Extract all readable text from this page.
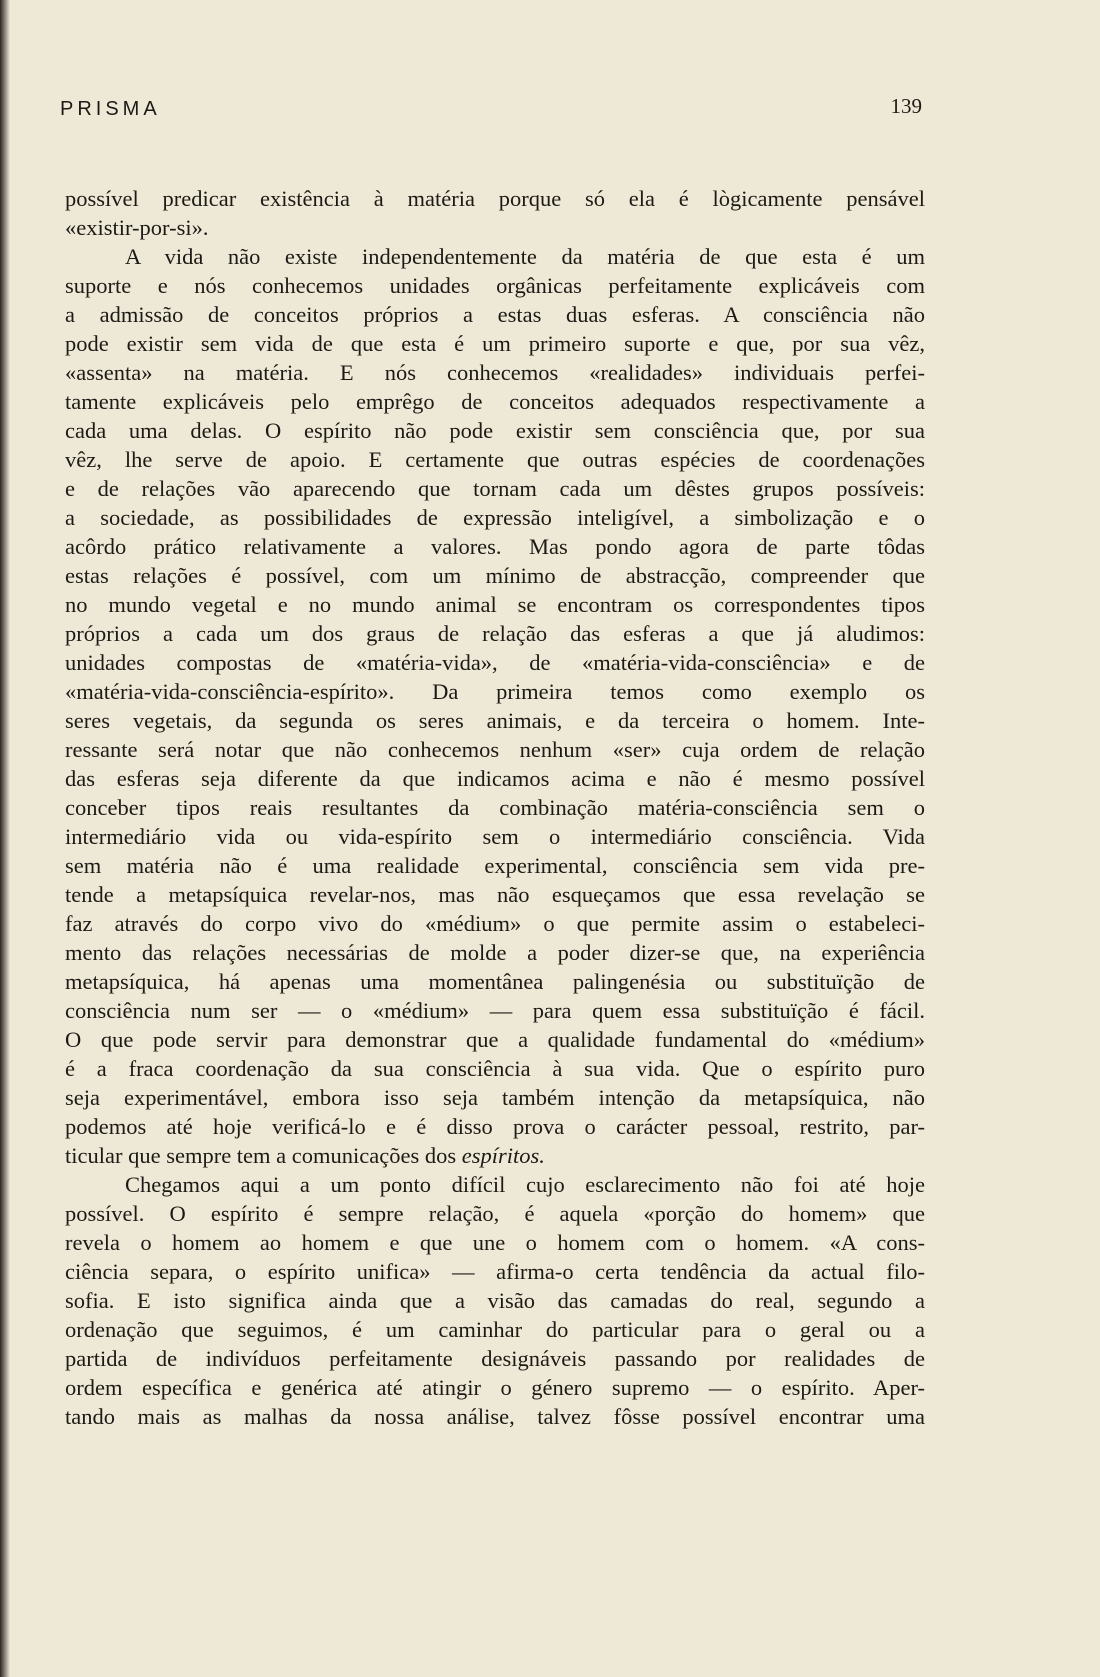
PRISMA	139
possível predicar existência à matéria porque só ela é lògicamente pensável
«existir-por-si».
A vida não existe independentemente da matéria de que esta é um
suporte e nós conhecemos unidades orgânicas perfeitamente explicáveis com
a admissão de conceitos próprios a estas duas esferas. A consciência não
pode existir sem vida de que esta é um primeiro suporte e que, por sua vêz,
«assenta» na matéria. E nós conhecemos «realidades» individuais perfei-
tamente explicáveis pelo emprêgo de conceitos adequados respectivamente a
cada uma delas. O espírito não pode existir sem consciência que, por sua
vêz, lhe serve de apoio. E certamente que outras espécies de coordenações
e de relações vão aparecendo que tornam cada um dêstes grupos possíveis:
a sociedade, as possibilidades de expressão inteligível, a simbolização e o
acôrdo prático relativamente a valores. Mas pondo agora de parte tôdas
estas relações é possível, com um mínimo de abstracção, compreender que
no mundo vegetal e no mundo animal se encontram os correspondentes tipos
próprios a cada um dos graus de relação das esferas a que já aludimos:
unidades compostas de «matéria-vida», de «matéria-vida-consciência» e de
«matéria-vida-consciência-espírito». Da primeira temos como exemplo os
seres vegetais, da segunda os seres animais, e da terceira o homem. Inte-
ressante será notar que não conhecemos nenhum «ser» cuja ordem de relação
das esferas seja diferente da que indicamos acima e não é mesmo possível
conceber tipos reais resultantes da combinação matéria-consciência sem o
intermediário vida ou vida-espírito sem o intermediário consciência. Vida
sem matéria não é uma realidade experimental, consciência sem vida pre-
tende a metapsíquica revelar-nos, mas não esqueçamos que essa revelação se
faz através do corpo vivo do «médium» o que permite assim o estabeleci-
mento das relações necessárias de molde a poder dizer-se que, na experiência
metapsíquica, há apenas uma momentânea palingenésia ou substituïção de
consciência num ser — o «médium» — para quem essa substituïção é fácil.
O que pode servir para demonstrar que a qualidade fundamental do «médium»
é a fraca coordenação da sua consciência à sua vida. Que o espírito puro
seja experimentável, embora isso seja também intenção da metapsíquica, não
podemos até hoje verificá-lo e é disso prova o carácter pessoal, restrito, par-
ticular que sempre tem a comunicações dos espíritos.
Chegamos aqui a um ponto difícil cujo esclarecimento não foi até hoje
possível. O espírito é sempre relação, é aquela «porção do homem» que
revela o homem ao homem e que une o homem com o homem. «A cons-
ciência separa, o espírito unifica» — afirma-o certa tendência da actual filo-
sofia. E isto significa ainda que a visão das camadas do real, segundo a
ordenação que seguimos, é um caminhar do particular para o geral ou a
partida de indivíduos perfeitamente designáveis passando por realidades de
ordem específica e genérica até atingir o género supremo — o espírito. Aper-
tando mais as malhas da nossa análise, talvez fôsse possível encontrar uma
